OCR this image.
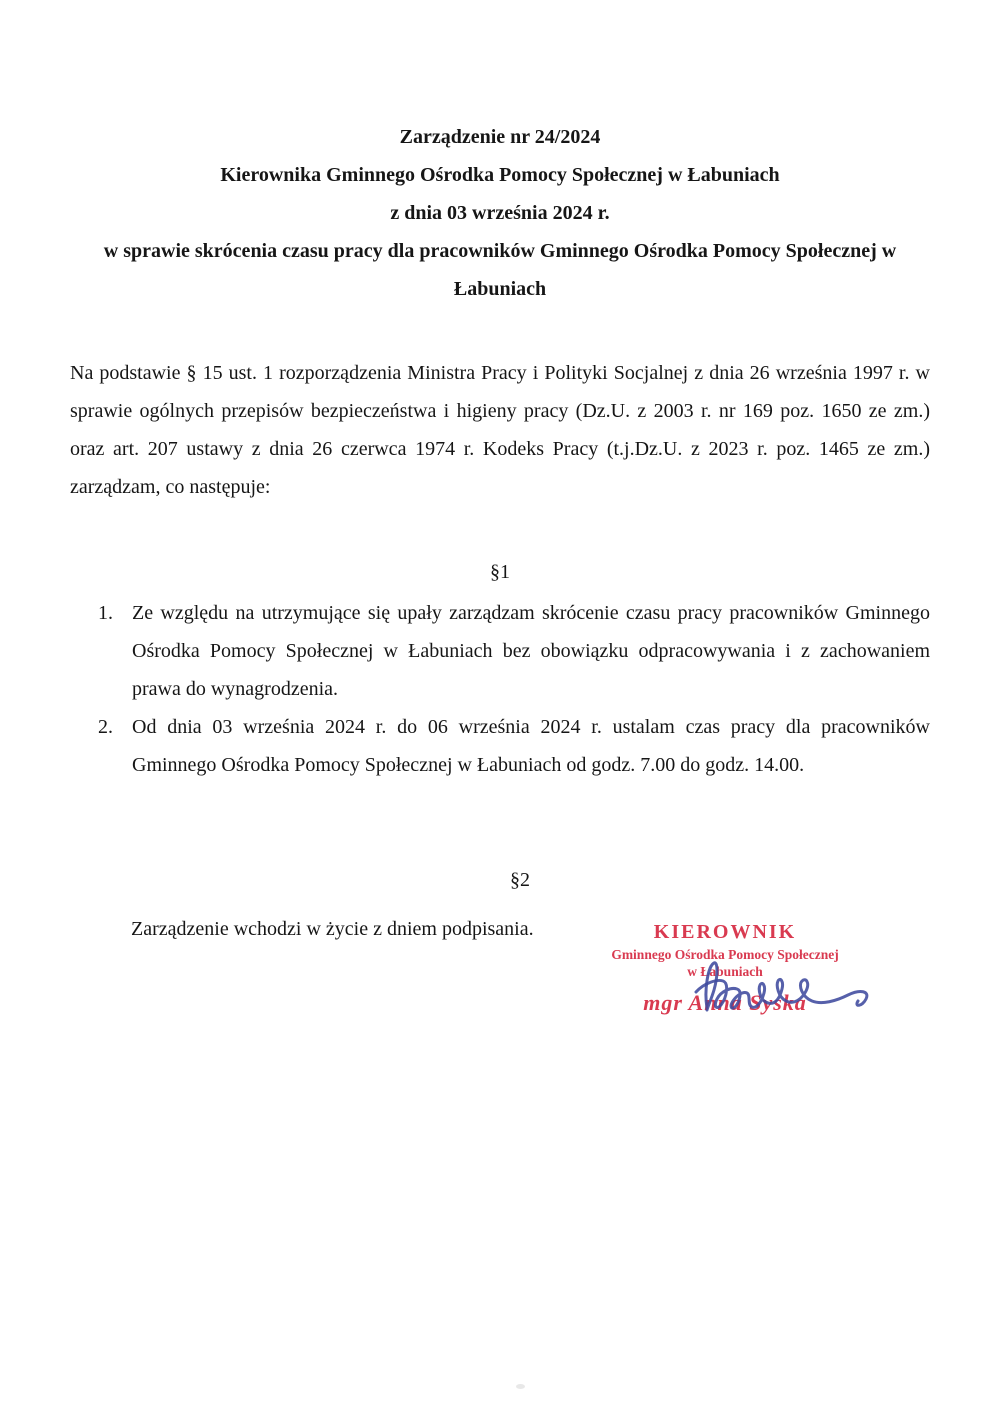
Zarządzenie nr 24/2024
Kierownika Gminnego Ośrodka Pomocy Społecznej w Łabuniach
z dnia 03 września 2024 r.
w sprawie skrócenia czasu pracy dla pracowników Gminnego Ośrodka Pomocy Społecznej w
Łabuniach

Na podstawie § 15 ust. 1 rozporządzenia Ministra Pracy i Polityki Socjalnej z dnia 26 września 1997 r. w sprawie ogólnych przepisów bezpieczeństwa i higieny pracy (Dz.U. z 2003 r. nr 169 poz. 1650 ze zm.) oraz art. 207 ustawy z dnia 26 czerwca 1974 r. Kodeks Pracy (t.j.Dz.U. z 2023 r. poz. 1465 ze zm.) zarządzam, co następuje:

§1
1. Ze względu na utrzymujące się upały zarządzam skrócenie czasu pracy pracowników Gminnego Ośrodka Pomocy Społecznej w Łabuniach bez obowiązku odpracowywania i z zachowaniem prawa do wynagrodzenia.
2. Od dnia 03 września 2024 r. do 06 września 2024 r. ustalam czas pracy dla pracowników Gminnego Ośrodka Pomocy Społecznej w Łabuniach od godz. 7.00 do godz. 14.00.
§2

Zarządzenie wchodzi w życie z dniem podpisania.	KIEROWNIK
Gminnego Ośrodka Pomocy Społecznej
w Łabuniach
mgr Anna Syska
